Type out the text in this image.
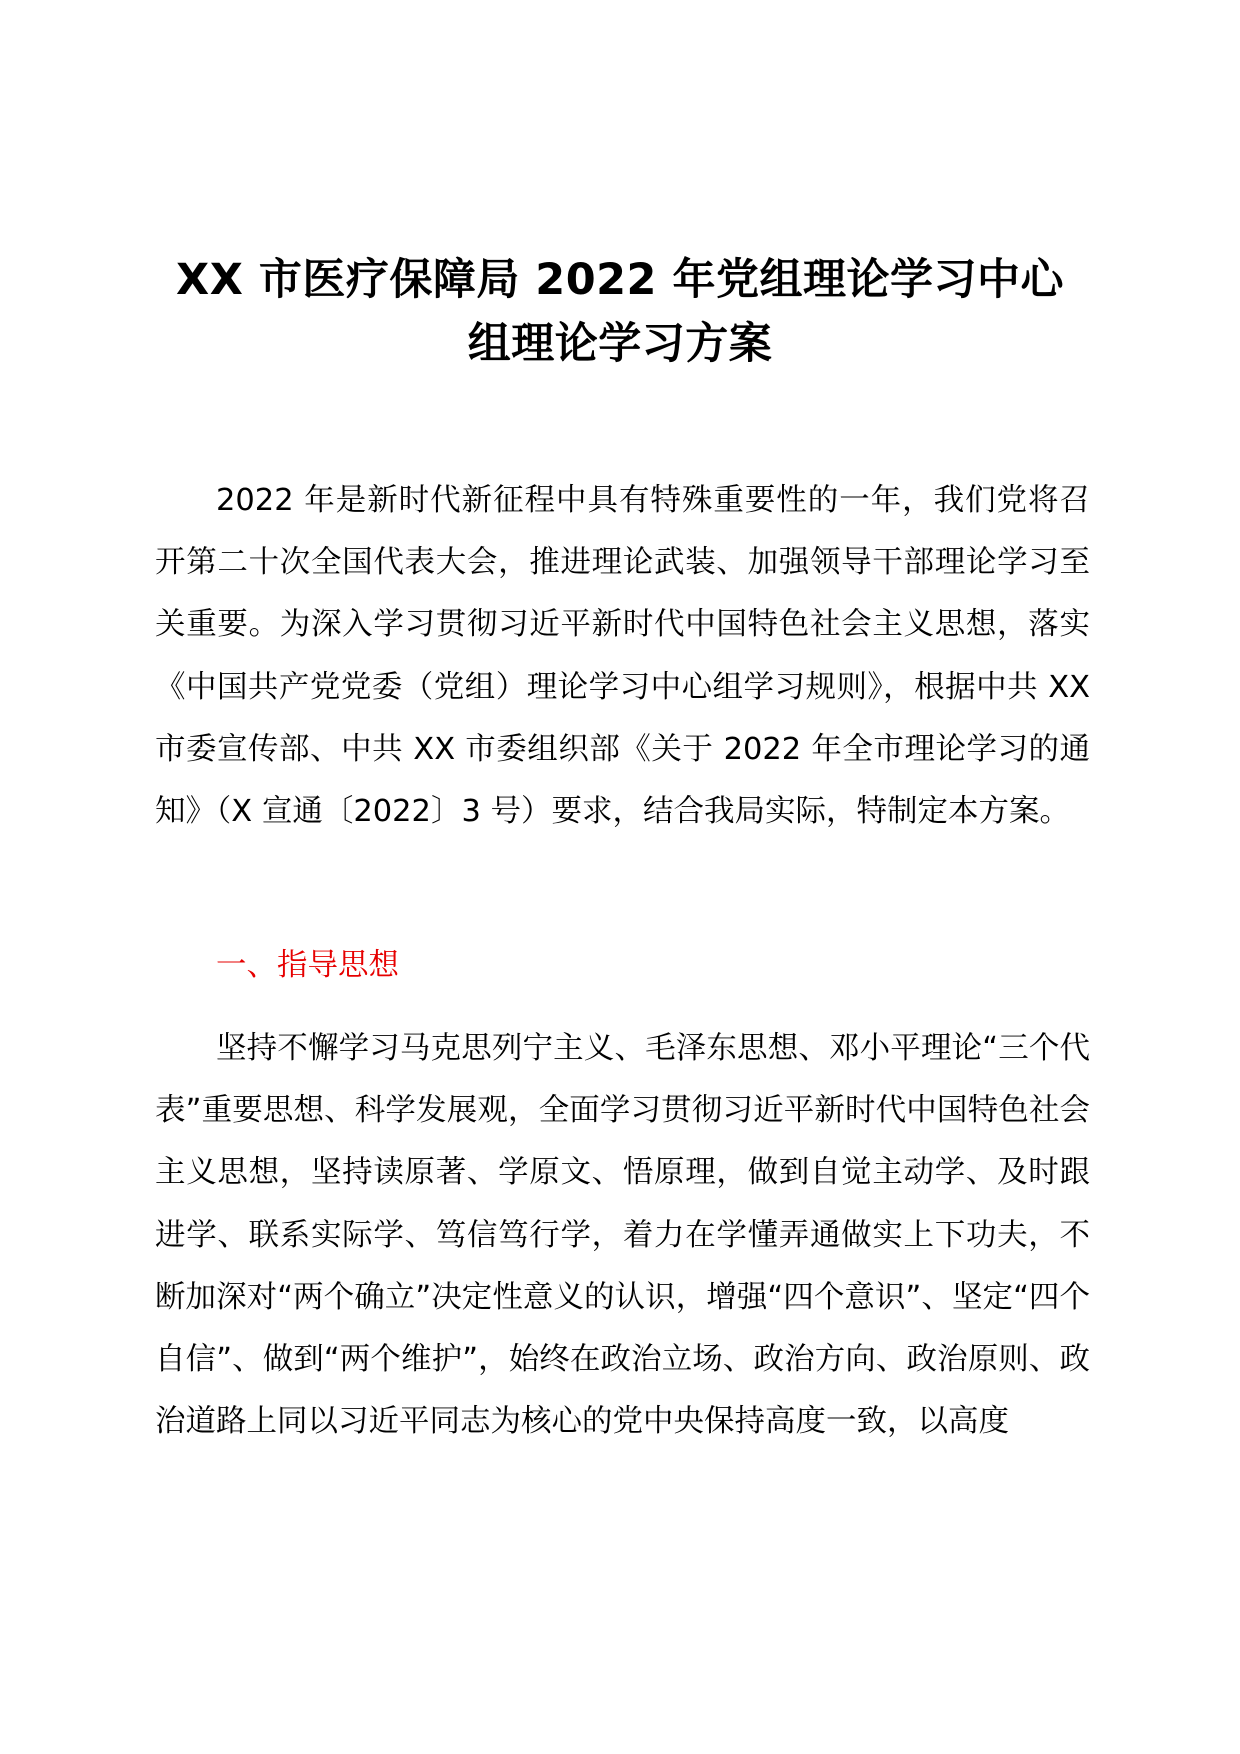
XX 市医疗保障局 2022 年党组理论学习中心
组理论学习方案

2022 年是新时代新征程中具有特殊重要性的一年，我们党将召开第二十次全国代表大会，推进理论武装、加强领导干部理论学习至关重要。为深入学习贯彻习近平新时代中国特色社会主义思想，落实《中国共产党党委（党组）理论学习中心组学习规则》，根据中共 XX 市委宣传部、中共 XX 市委组织部《关于 2022 年全市理论学习的通知》（X 宣通〔2022〕3 号）要求，结合我局实际，特制定本方案。

一、指导思想

坚持不懈学习马克思列宁主义、毛泽东思想、邓小平理论“三个代表”重要思想、科学发展观，全面学习贯彻习近平新时代中国特色社会主义思想，坚持读原著、学原文、悟原理，做到自觉主动学、及时跟进学、联系实际学、笃信笃行学，着力在学懂弄通做实上下功夫，不断加深对“两个确立”决定性意义的认识，增强“四个意识”、坚定“四个自信”、做到“两个维护”，始终在政治立场、政治方向、政治原则、政治道路上同以习近平同志为核心的党中央保持高度一致，以高度
